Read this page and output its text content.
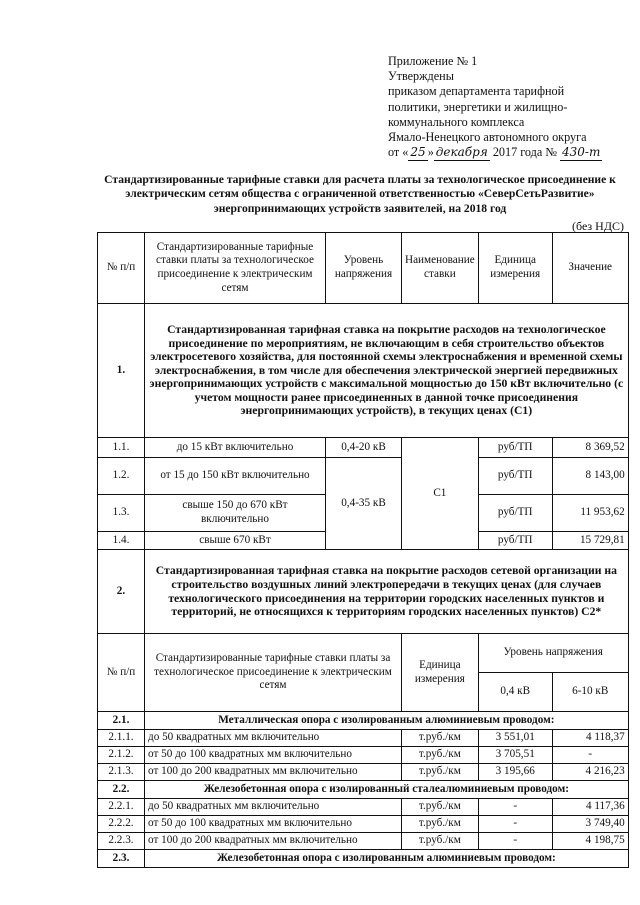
Приложение № 1
Утверждены
приказом департамента тарифной
политики, энергетики и жилищно-
коммунального комплекса
Ямало-Ненецкого автономного округа
от « 25 » декабря 2017 года № 430-т
Стандартизированные тарифные ставки для расчета платы за технологическое присоединение к электрическим сетям общества с ограниченной ответственностью «СеверСетьРазвитие» энергопринимающих устройств заявителей, на 2018 год
(без НДС)
№ п/п	Стандартизированные тарифные ставки платы за технологическое присоединение к электрическим сетям	Уровень напряжения	Наименование ставки	Единица измерения	Значение
1.	Стандартизированная тарифная ставка на покрытие расходов на технологическое присоединение по мероприятиям, не включающим в себя строительство объектов электросетевого хозяйства, для постоянной схемы электроснабжения и временной схемы электроснабжения, в том числе для обеспечения электрической энергией передвижных энергопринимающих устройств с максимальной мощностью до 150 кВт включительно (с учетом мощности ранее присоединенных в данной точке присоединения энергопринимающих устройств), в текущих ценах (С1)				
1.1.	до 15 кВт включительно	0,4-20 кВ	С1	руб/ТП	8 369,52
1.2.	от 15 до 150 кВт включительно	0,4-35 кВ		руб/ТП	8 143,00
1.3.	свыше 150 до 670 кВт включительно			руб/ТП	11 953,62
1.4.	свыше 670 кВт			руб/ТП	15 729,81
2.	Стандартизированная тарифная ставка на покрытие расходов сетевой организации на строительство воздушных линий электропередачи в текущих ценах (для случаев технологического присоединения на территории городских населенных пунктов и территорий, не относящихся к территориям городских населенных пунктов) С2*				
№ п/п	Стандартизированные тарифные ставки платы за технологическое присоединение к электрическим сетям		Единица измерения	Уровень напряжения	
				0,4 кВ	6-10 кВ
2.1.	Металлическая опора с изолированным алюминиевым проводом:				
2.1.1.	до 50 квадратных мм включительно		т.руб./км	3 551,01	4 118,37
2.1.2.	от 50 до 100 квадратных мм включительно		т.руб./км	3 705,51	-
2.1.3.	от 100 до 200 квадратных мм включительно		т.руб./км	3 195,66	4 216,23
2.2.	Железобетонная опора с изолированный сталеалюминиевым проводом:				
2.2.1.	до 50 квадратных мм включительно		т.руб./км	-	4 117,36
2.2.2.	от 50 до 100 квадратных мм включительно		т.руб./км	-	3 749,40
2.2.3.	от 100 до 200 квадратных мм включительно		т.руб./км	-	4 198,75
2.3.	Железобетонная опора с изолированным алюминиевым проводом:				
